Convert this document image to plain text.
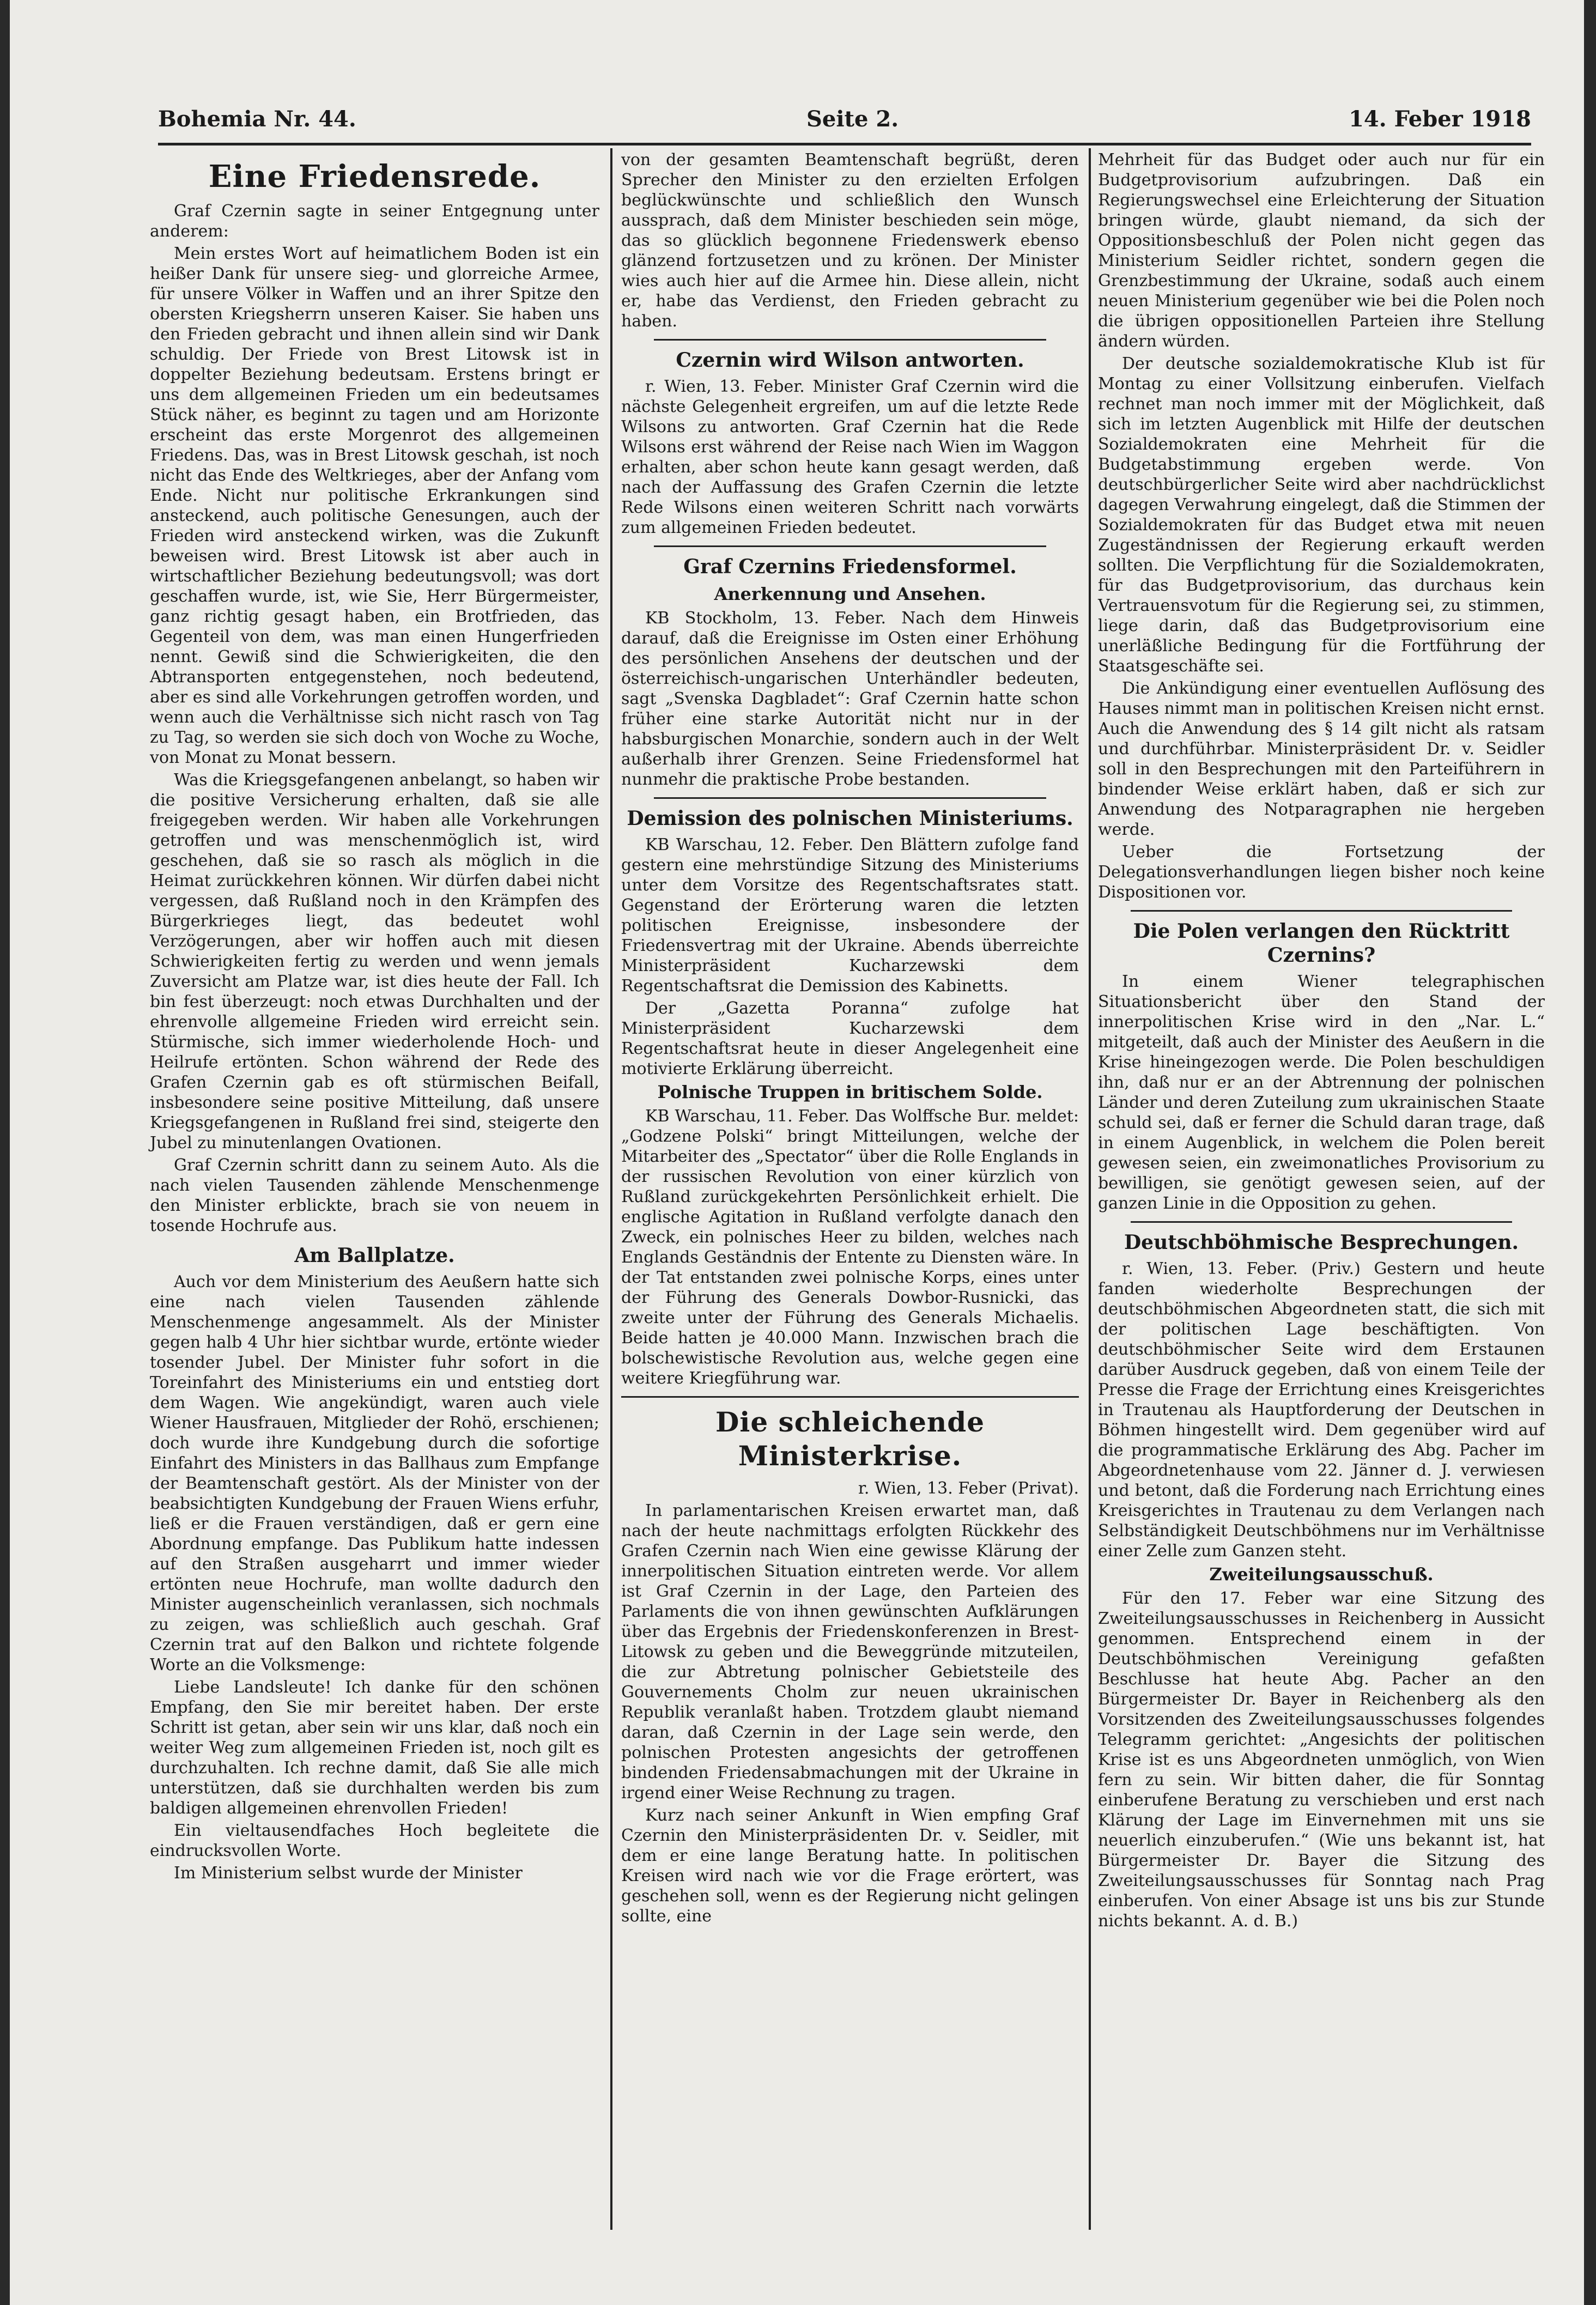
Bohemia Nr. 44.	Seite 2.	14. Feber 1918
Eine Friedensrede.

Graf Czernin sagte in seiner Entgegnung unter anderem:

Mein erstes Wort auf heimatlichem Boden ist ein heißer Dank für unsere sieg- und glorreiche Armee, für unsere Völker in Waffen und an ihrer Spitze den obersten Kriegsherrn unseren Kaiser. Sie haben uns den Frieden gebracht und ihnen allein sind wir Dank schuldig. Der Friede von Brest Litowsk ist in doppelter Beziehung bedeutsam. Erstens bringt er uns dem allgemeinen Frieden um ein bedeutsames Stück näher, es beginnt zu tagen und am Horizonte erscheint das erste Morgenrot des allgemeinen Friedens. Das, was in Brest Litowsk geschah, ist noch nicht das Ende des Weltkrieges, aber der Anfang vom Ende. Nicht nur politische Erkrankungen sind ansteckend, auch politische Genesungen, auch der Frieden wird ansteckend wirken, was die Zukunft beweisen wird. Brest Litowsk ist aber auch in wirtschaftlicher Beziehung bedeutungsvoll; was dort geschaffen wurde, ist, wie Sie, Herr Bürgermeister, ganz richtig gesagt haben, ein Brotfrieden, das Gegenteil von dem, was man einen Hungerfrieden nennt. Gewiß sind die Schwierigkeiten, die den Abtransporten entgegenstehen, noch bedeutend, aber es sind alle Vorkehrungen getroffen worden, und wenn auch die Verhältnisse sich nicht rasch von Tag zu Tag, so werden sie sich doch von Woche zu Woche, von Monat zu Monat bessern.

Was die Kriegsgefangenen anbelangt, so haben wir die positive Versicherung erhalten, daß sie alle freigegeben werden. Wir haben alle Vorkehrungen getroffen und was menschenmöglich ist, wird geschehen, daß sie so rasch als möglich in die Heimat zurückkehren können. Wir dürfen dabei nicht vergessen, daß Rußland noch in den Krämpfen des Bürgerkrieges liegt, das bedeutet wohl Verzögerungen, aber wir hoffen auch mit diesen Schwierigkeiten fertig zu werden und wenn jemals Zuversicht am Platze war, ist dies heute der Fall. Ich bin fest überzeugt: noch etwas Durchhalten und der ehrenvolle allgemeine Frieden wird erreicht sein. Stürmische, sich immer wiederholende Hoch- und Heilrufe ertönten. Schon während der Rede des Grafen Czernin gab es oft stürmischen Beifall, insbesondere seine positive Mitteilung, daß unsere Kriegsgefangenen in Rußland frei sind, steigerte den Jubel zu minutenlangen Ovationen.

Graf Czernin schritt dann zu seinem Auto. Als die nach vielen Tausenden zählende Menschenmenge den Minister erblickte, brach sie von neuem in tosende Hochrufe aus.

Am Ballplatze.

Auch vor dem Ministerium des Aeußern hatte sich eine nach vielen Tausenden zählende Menschenmenge angesammelt. Als der Minister gegen halb 4 Uhr hier sichtbar wurde, ertönte wieder tosender Jubel. Der Minister fuhr sofort in die Toreinfahrt des Ministeriums ein und entstieg dort dem Wagen. Wie angekündigt, waren auch viele Wiener Hausfrauen, Mitglieder der Rohö, erschienen; doch wurde ihre Kundgebung durch die sofortige Einfahrt des Ministers in das Ballhaus zum Empfange der Beamtenschaft gestört. Als der Minister von der beabsichtigten Kundgebung der Frauen Wiens erfuhr, ließ er die Frauen verständigen, daß er gern eine Abordnung empfange. Das Publikum hatte indessen auf den Straßen ausgeharrt und immer wieder ertönten neue Hochrufe, man wollte dadurch den Minister augenscheinlich veranlassen, sich nochmals zu zeigen, was schließlich auch geschah. Graf Czernin trat auf den Balkon und richtete folgende Worte an die Volksmenge:

Liebe Landsleute! Ich danke für den schönen Empfang, den Sie mir bereitet haben. Der erste Schritt ist getan, aber sein wir uns klar, daß noch ein weiter Weg zum allgemeinen Frieden ist, noch gilt es durchzuhalten. Ich rechne damit, daß Sie alle mich unterstützen, daß sie durchhalten werden bis zum baldigen allgemeinen ehrenvollen Frieden!

Ein vieltausendfaches Hoch begleitete die eindrucksvollen Worte.

Im Ministerium selbst wurde der Minister

von der gesamten Beamtenschaft begrüßt, deren Sprecher den Minister zu den erzielten Erfolgen beglückwünschte und schließlich den Wunsch aussprach, daß dem Minister beschieden sein möge, das so glücklich begonnene Friedenswerk ebenso glänzend fortzusetzen und zu krönen. Der Minister wies auch hier auf die Armee hin. Diese allein, nicht er, habe das Verdienst, den Frieden gebracht zu haben.

Czernin wird Wilson antworten.

r. Wien, 13. Feber. Minister Graf Czernin wird die nächste Gelegenheit ergreifen, um auf die letzte Rede Wilsons zu antworten. Graf Czernin hat die Rede Wilsons erst während der Reise nach Wien im Waggon erhalten, aber schon heute kann gesagt werden, daß nach der Auffassung des Grafen Czernin die letzte Rede Wilsons einen weiteren Schritt nach vorwärts zum allgemeinen Frieden bedeutet.

Graf Czernins Friedensformel.
Anerkennung und Ansehen.

KB Stockholm, 13. Feber. Nach dem Hinweis darauf, daß die Ereignisse im Osten einer Erhöhung des persönlichen Ansehens der deutschen und der österreichisch-ungarischen Unterhändler bedeuten, sagt „Svenska Dagbladet“: Graf Czernin hatte schon früher eine starke Autorität nicht nur in der habsburgischen Monarchie, sondern auch in der Welt außerhalb ihrer Grenzen. Seine Friedensformel hat nunmehr die praktische Probe bestanden.

Demission des polnischen Ministeriums.

KB Warschau, 12. Feber. Den Blättern zufolge fand gestern eine mehrstündige Sitzung des Ministeriums unter dem Vorsitze des Regentschaftsrates statt. Gegenstand der Erörterung waren die letzten politischen Ereignisse, insbesondere der Friedensvertrag mit der Ukraine. Abends überreichte Ministerpräsident Kucharzewski dem Regentschaftsrat die Demission des Kabinetts.

Der „Gazetta Poranna“ zufolge hat Ministerpräsident Kucharzewski dem Regentschaftsrat heute in dieser Angelegenheit eine motivierte Erklärung überreicht.

Polnische Truppen in britischem Solde.

KB Warschau, 11. Feber. Das Wolffsche Bur. meldet: „Godzene Polski“ bringt Mitteilungen, welche der Mitarbeiter des „Spectator“ über die Rolle Englands in der russischen Revolution von einer kürzlich von Rußland zurückgekehrten Persönlichkeit erhielt. Die englische Agitation in Rußland verfolgte danach den Zweck, ein polnisches Heer zu bilden, welches nach Englands Geständnis der Entente zu Diensten wäre. In der Tat entstanden zwei polnische Korps, eines unter der Führung des Generals Dowbor-Rusnicki, das zweite unter der Führung des Generals Michaelis. Beide hatten je 40.000 Mann. Inzwischen brach die bolschewistische Revolution aus, welche gegen eine weitere Kriegführung war.

Die schleichende Ministerkrise.

r. Wien, 13. Feber (Privat).

In parlamentarischen Kreisen erwartet man, daß nach der heute nachmittags erfolgten Rückkehr des Grafen Czernin nach Wien eine gewisse Klärung der innerpolitischen Situation eintreten werde. Vor allem ist Graf Czernin in der Lage, den Parteien des Parlaments die von ihnen gewünschten Aufklärungen über das Ergebnis der Friedenskonferenzen in Brest-Litowsk zu geben und die Beweggründe mitzuteilen, die zur Abtretung polnischer Gebietsteile des Gouvernements Cholm zur neuen ukrainischen Republik veranlaßt haben. Trotzdem glaubt niemand daran, daß Czernin in der Lage sein werde, den polnischen Protesten angesichts der getroffenen bindenden Friedensabmachungen mit der Ukraine in irgend einer Weise Rechnung zu tragen.

Kurz nach seiner Ankunft in Wien empfing Graf Czernin den Ministerpräsidenten Dr. v. Seidler, mit dem er eine lange Beratung hatte. In politischen Kreisen wird nach wie vor die Frage erörtert, was geschehen soll, wenn es der Regierung nicht gelingen sollte, eine

Mehrheit für das Budget oder auch nur für ein Budgetprovisorium aufzubringen. Daß ein Regierungswechsel eine Erleichterung der Situation bringen würde, glaubt niemand, da sich der Oppositionsbeschluß der Polen nicht gegen das Ministerium Seidler richtet, sondern gegen die Grenzbestimmung der Ukraine, sodaß auch einem neuen Ministerium gegenüber wie bei die Polen noch die übrigen oppositionellen Parteien ihre Stellung ändern würden.

Der deutsche sozialdemokratische Klub ist für Montag zu einer Vollsitzung einberufen. Vielfach rechnet man noch immer mit der Möglichkeit, daß sich im letzten Augenblick mit Hilfe der deutschen Sozialdemokraten eine Mehrheit für die Budgetabstimmung ergeben werde. Von deutschbürgerlicher Seite wird aber nachdrücklichst dagegen Verwahrung eingelegt, daß die Stimmen der Sozialdemokraten für das Budget etwa mit neuen Zugeständnissen der Regierung erkauft werden sollten. Die Verpflichtung für die Sozialdemokraten, für das Budgetprovisorium, das durchaus kein Vertrauensvotum für die Regierung sei, zu stimmen, liege darin, daß das Budgetprovisorium eine unerläßliche Bedingung für die Fortführung der Staatsgeschäfte sei.

Die Ankündigung einer eventuellen Auflösung des Hauses nimmt man in politischen Kreisen nicht ernst. Auch die Anwendung des § 14 gilt nicht als ratsam und durchführbar. Ministerpräsident Dr. v. Seidler soll in den Besprechungen mit den Parteiführern in bindender Weise erklärt haben, daß er sich zur Anwendung des Notparagraphen nie hergeben werde.

Ueber die Fortsetzung der Delegationsverhandlungen liegen bisher noch keine Dispositionen vor.

Die Polen verlangen den Rücktritt Czernins?

In einem Wiener telegraphischen Situationsbericht über den Stand der innerpolitischen Krise wird in den „Nar. L.“ mitgeteilt, daß auch der Minister des Aeußern in die Krise hineingezogen werde. Die Polen beschuldigen ihn, daß nur er an der Abtrennung der polnischen Länder und deren Zuteilung zum ukrainischen Staate schuld sei, daß er ferner die Schuld daran trage, daß in einem Augenblick, in welchem die Polen bereit gewesen seien, ein zweimonatliches Provisorium zu bewilligen, sie genötigt gewesen seien, auf der ganzen Linie in die Opposition zu gehen.

Deutschböhmische Besprechungen.

r. Wien, 13. Feber. (Priv.) Gestern und heute fanden wiederholte Besprechungen der deutschböhmischen Abgeordneten statt, die sich mit der politischen Lage beschäftigten. Von deutschböhmischer Seite wird dem Erstaunen darüber Ausdruck gegeben, daß von einem Teile der Presse die Frage der Errichtung eines Kreisgerichtes in Trautenau als Hauptforderung der Deutschen in Böhmen hingestellt wird. Dem gegenüber wird auf die programmatische Erklärung des Abg. Pacher im Abgeordnetenhause vom 22. Jänner d. J. verwiesen und betont, daß die Forderung nach Errichtung eines Kreisgerichtes in Trautenau zu dem Verlangen nach Selbständigkeit Deutschböhmens nur im Verhältnisse einer Zelle zum Ganzen steht.

Zweiteilungsausschuß.

Für den 17. Feber war eine Sitzung des Zweiteilungsausschusses in Reichenberg in Aussicht genommen. Entsprechend einem in der Deutschböhmischen Vereinigung gefaßten Beschlusse hat heute Abg. Pacher an den Bürgermeister Dr. Bayer in Reichenberg als den Vorsitzenden des Zweiteilungsausschusses folgendes Telegramm gerichtet: „Angesichts der politischen Krise ist es uns Abgeordneten unmöglich, von Wien fern zu sein. Wir bitten daher, die für Sonntag einberufene Beratung zu verschieben und erst nach Klärung der Lage im Einvernehmen mit uns sie neuerlich einzuberufen.“ (Wie uns bekannt ist, hat Bürgermeister Dr. Bayer die Sitzung des Zweiteilungsausschusses für Sonntag nach Prag einberufen. Von einer Absage ist uns bis zur Stunde nichts bekannt. A. d. B.)
